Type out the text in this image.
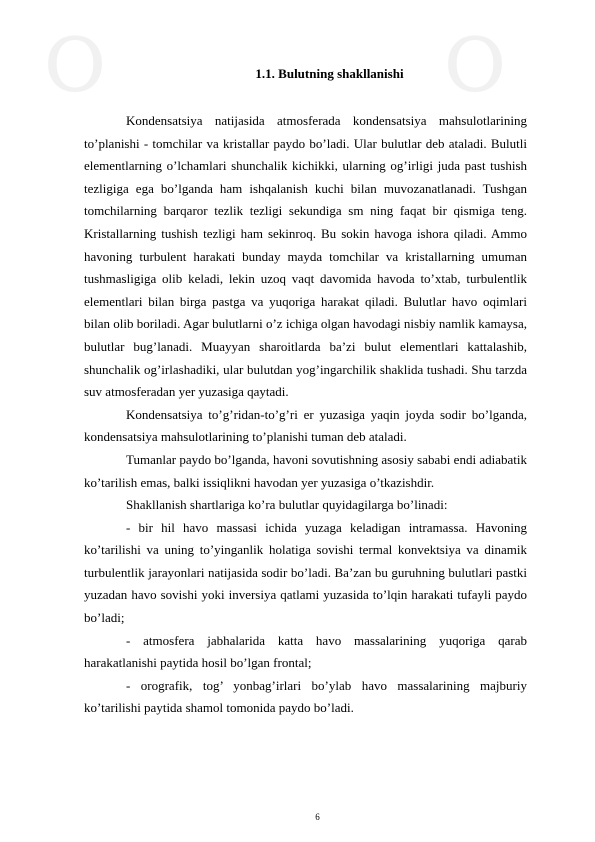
Ｏ	Ｏ
1.1. Bulutning shakllanishi

Kondensatsiya natijasida atmosferada kondensatsiya mahsulotlarining to’planishi - tomchilar va kristallar paydo bo’ladi. Ular bulutlar deb ataladi. Bulutli elementlarning o’lchamlari shunchalik kichikki, ularning og’irligi juda past tushish tezligiga ega bo’lganda ham ishqalanish kuchi bilan muvozanatlanadi. Tushgan tomchilarning barqaror tezlik tezligi sekundiga sm ning faqat bir qismiga teng. Kristallarning tushish tezligi ham sekinroq. Bu sokin havoga ishora qiladi. Ammo havoning turbulent harakati bunday mayda tomchilar va kristallarning umuman tushmasligiga olib keladi, lekin uzoq vaqt davomida havoda to’xtab, turbulentlik elementlari bilan birga pastga va yuqoriga harakat qiladi. Bulutlar havo oqimlari bilan olib boriladi. Agar bulutlarni o’z ichiga olgan havodagi nisbiy namlik kamaysa, bulutlar bug’lanadi. Muayyan sharoitlarda ba’zi bulut elementlari kattalashib, shunchalik og’irlashadiki, ular bulutdan yog’ingarchilik shaklida tushadi. Shu tarzda suv atmosferadan yer yuzasiga qaytadi.

Kondensatsiya to’g’ridan-to’g’ri er yuzasiga yaqin joyda sodir bo’lganda, kondensatsiya mahsulotlarining to’planishi tuman deb ataladi.

Tumanlar paydo bo’lganda, havoni sovutishning asosiy sababi endi adiabatik ko’tarilish emas, balki issiqlikni havodan yer yuzasiga o’tkazishdir.

Shakllanish shartlariga ko’ra bulutlar quyidagilarga bo’linadi:

- bir hil havo massasi ichida yuzaga keladigan intramassa. Havoning ko’tarilishi va uning to’yinganlik holatiga sovishi termal konvektsiya va dinamik turbulentlik jarayonlari natijasida sodir bo’ladi. Ba’zan bu guruhning bulutlari pastki yuzadan havo sovishi yoki inversiya qatlami yuzasida to’lqin harakati tufayli paydo bo’ladi;

- atmosfera jabhalarida katta havo massalarining yuqoriga qarab harakatlanishi paytida hosil bo’lgan frontal;

- orografik, tog’ yonbag’irlari bo’ylab havo massalarining majburiy ko’tarilishi paytida shamol tomonida paydo bo’ladi.

6
